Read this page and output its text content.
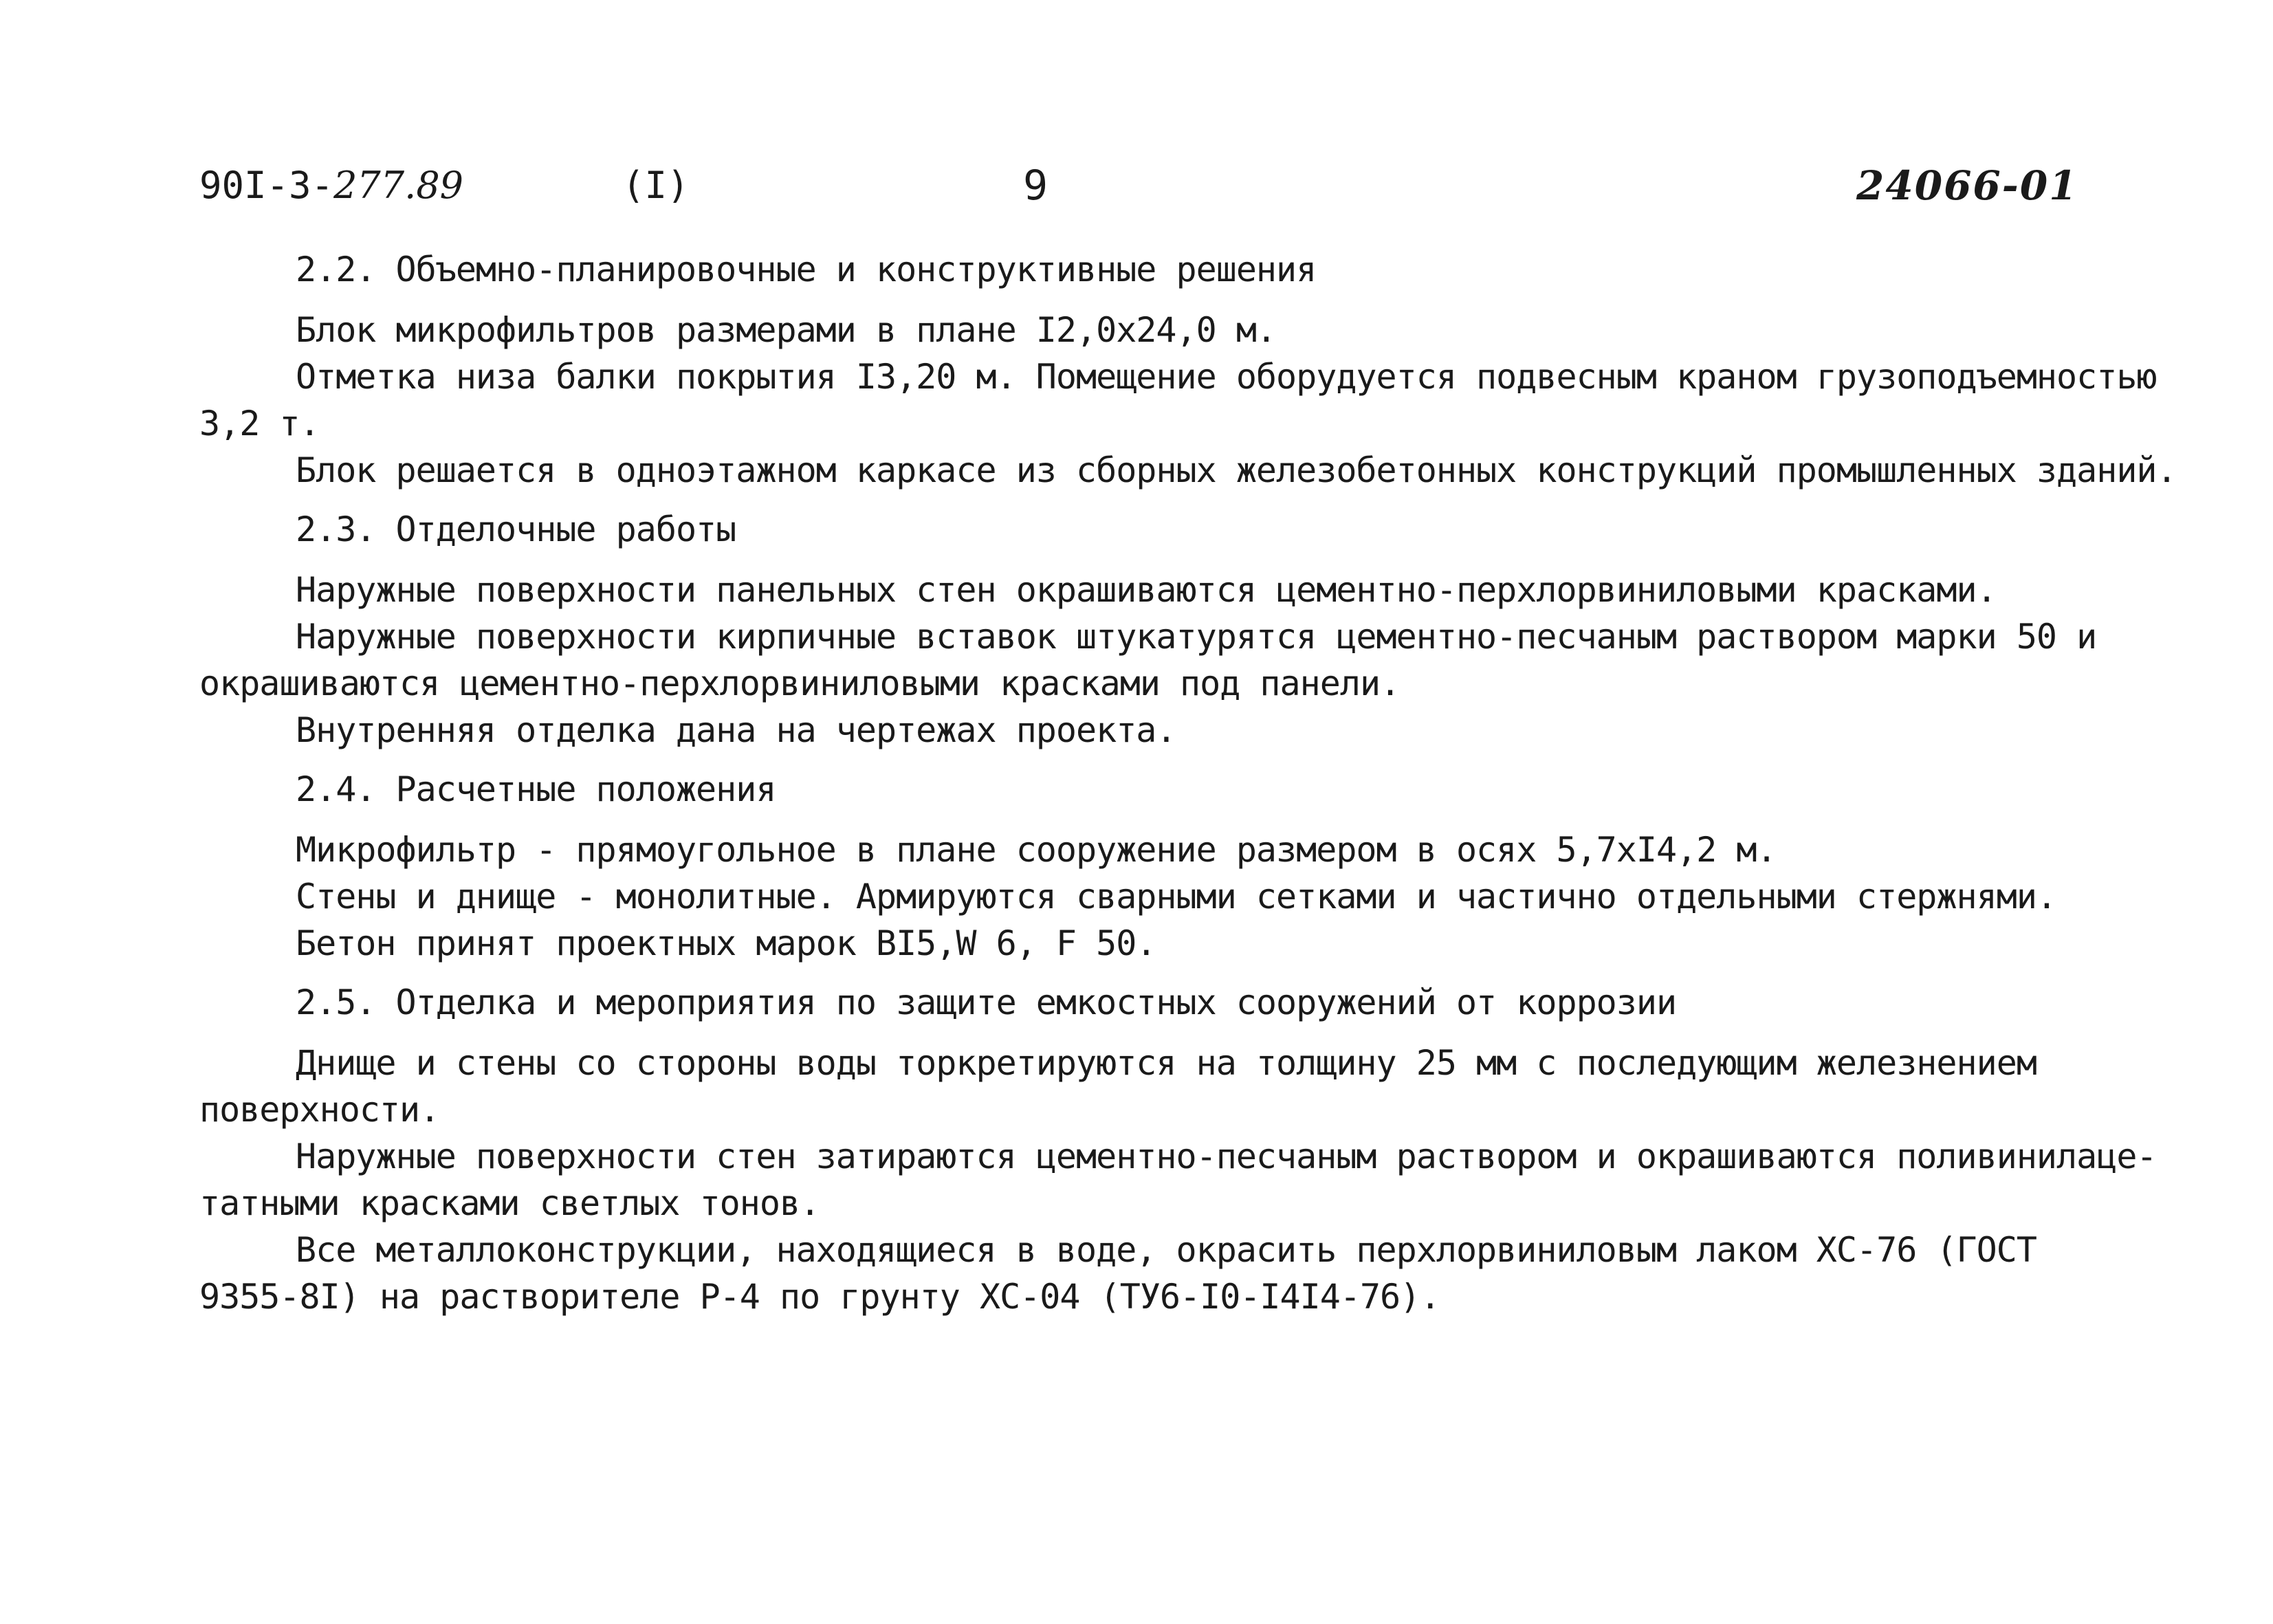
90I-3-277.89	(I)	9	24066-01

2.2. Объемно-планировочные и конструктивные решения

Блок микрофильтров размерами в плане I2,0x24,0 м.

Отметка низа балки покрытия I3,20 м. Помещение оборудуется подвесным краном грузоподъемностью

3,2 т.

Блок решается в одноэтажном каркасе из сборных железобетонных конструкций промышленных зданий.

2.3. Отделочные работы

Наружные поверхности панельных стен окрашиваются цементно-перхлорвиниловыми красками.

Наружные поверхности кирпичные вставок штукатурятся цементно-песчаным раствором марки 50 и

окрашиваются цементно-перхлорвиниловыми красками под панели.

Внутренняя отделка дана на чертежах проекта.

2.4. Расчетные положения

Микрофильтр - прямоугольное в плане сооружение размером в осях 5,7xI4,2 м.

Стены и днище - монолитные. Армируются сварными сетками и частично отдельными стержнями.

Бетон принят проектных марок BI5,W 6, F 50.

2.5. Отделка и мероприятия по защите емкостных сооружений от коррозии

Днище и стены со стороны воды торкретируются на толщину 25 мм с последующим железнением

поверхности.

Наружные поверхности стен затираются цементно-песчаным раствором и окрашиваются поливинилаце-

татными красками светлых тонов.

Все металлоконструкции, находящиеся в воде, окрасить перхлорвиниловым лаком ХС-76 (ГОСТ

9355-8I) на растворителе Р-4 по грунту ХС-04 (ТУ6-I0-I4I4-76).
